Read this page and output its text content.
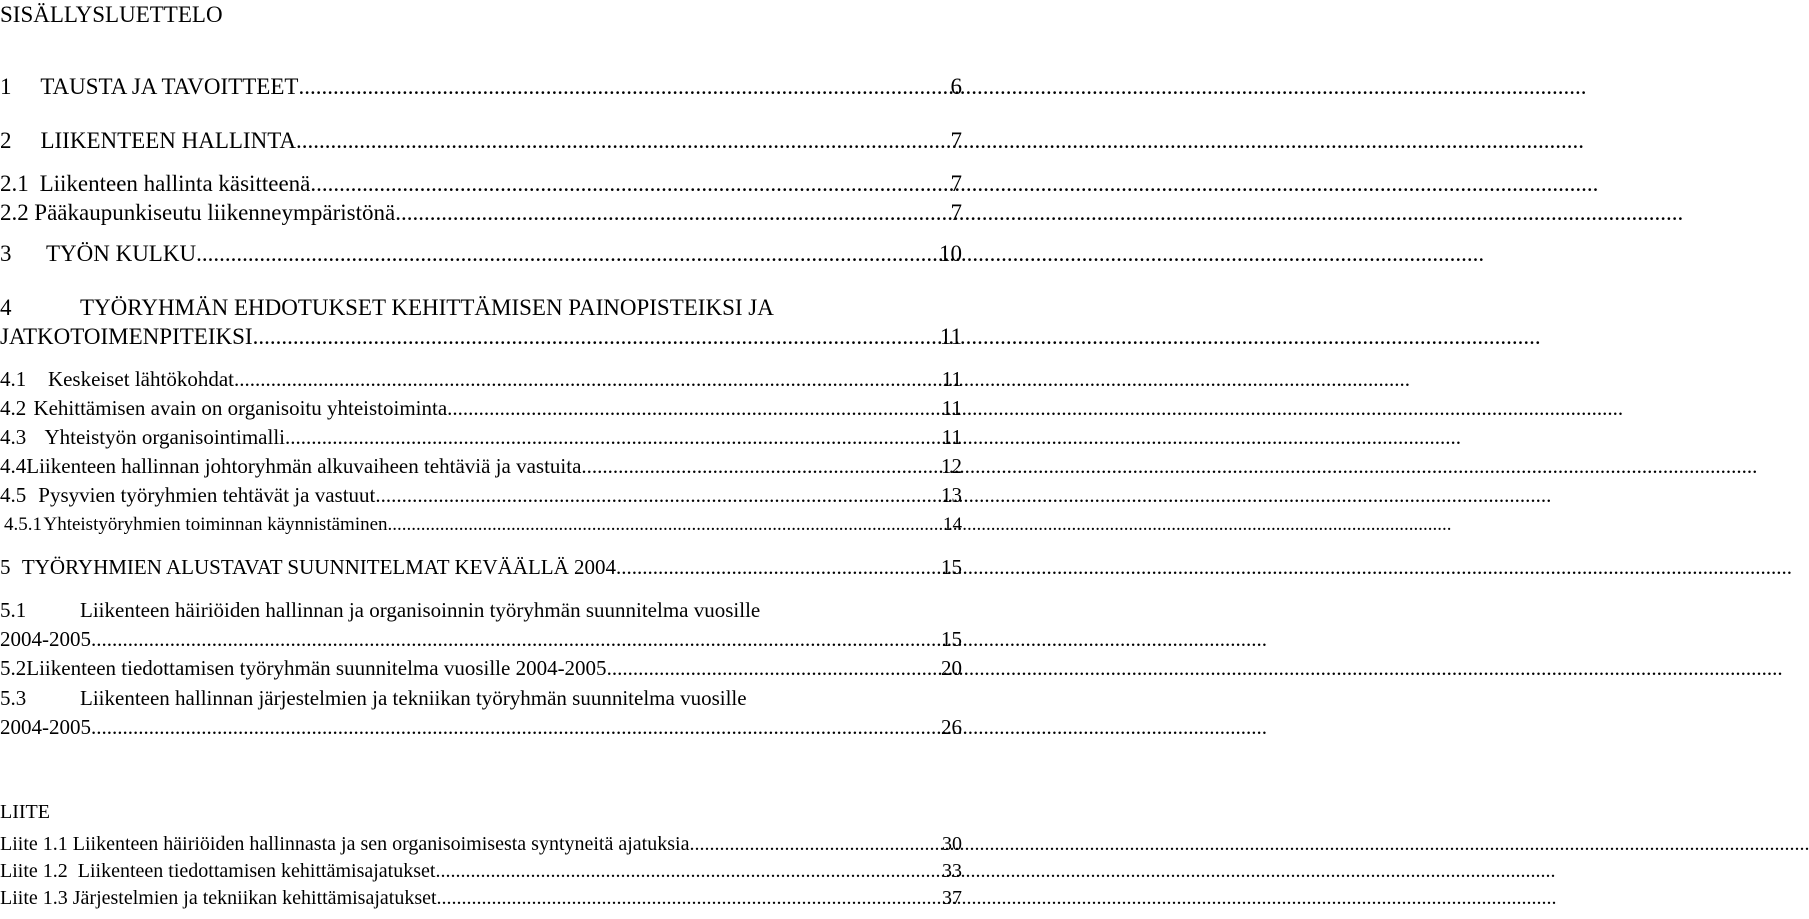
SISÄLLYSLUETTELO
1	TAUSTA JA TAVOITTEET .....	6
2	LIIKENTEEN HALLINTA .....	7
2.1 Liikenteen hallinta käsitteenä .....	7
2.2 Pääkaupunkiseutu liikenneympäristönä .....	7
3	TYÖN KULKU .....	10
4	TYÖRYHMÄN EHDOTUKSET KEHITTÄMISEN PAINOPISTEIKSI JA
JATKOTOIMENPITEIKSI .....	11
4.1	Keskeiset lähtökohdat .....	11
4.2 Kehittämisen avain on organisoitu yhteistoiminta .....	11
4.3 Yhteistyön organisointimalli .....	11
4.4 Liikenteen hallinnan johtoryhmän alkuvaiheen tehtäviä ja vastuita .....	12
4.5 Pysyvien työryhmien tehtävät ja vastuut .....	13
4.5.1 Yhteistyöryhmien toiminnan käynnistäminen .....	14
5 TYÖRYHMIEN ALUSTAVAT SUUNNITELMAT KEVÄÄLLÄ 2004 .....	15
5.1	Liikenteen häiriöiden hallinnan ja organisoinnin työryhmän suunnitelma vuosille
2004-2005 .....	15
5.2 Liikenteen tiedottamisen työryhmän suunnitelma vuosille 2004-2005 .....	20
5.3	Liikenteen hallinnan järjestelmien ja tekniikan työryhmän suunnitelma vuosille
2004-2005 .....	26
LIITE
Liite 1.1 Liikenteen häiriöiden hallinnasta ja sen organisoimisesta syntyneitä ajatuksia .....	30
Liite 1.2  Liikenteen tiedottamisen kehittämisajatukset .....	33
Liite 1.3 Järjestelmien ja tekniikan kehittämisajatukset .....	37
